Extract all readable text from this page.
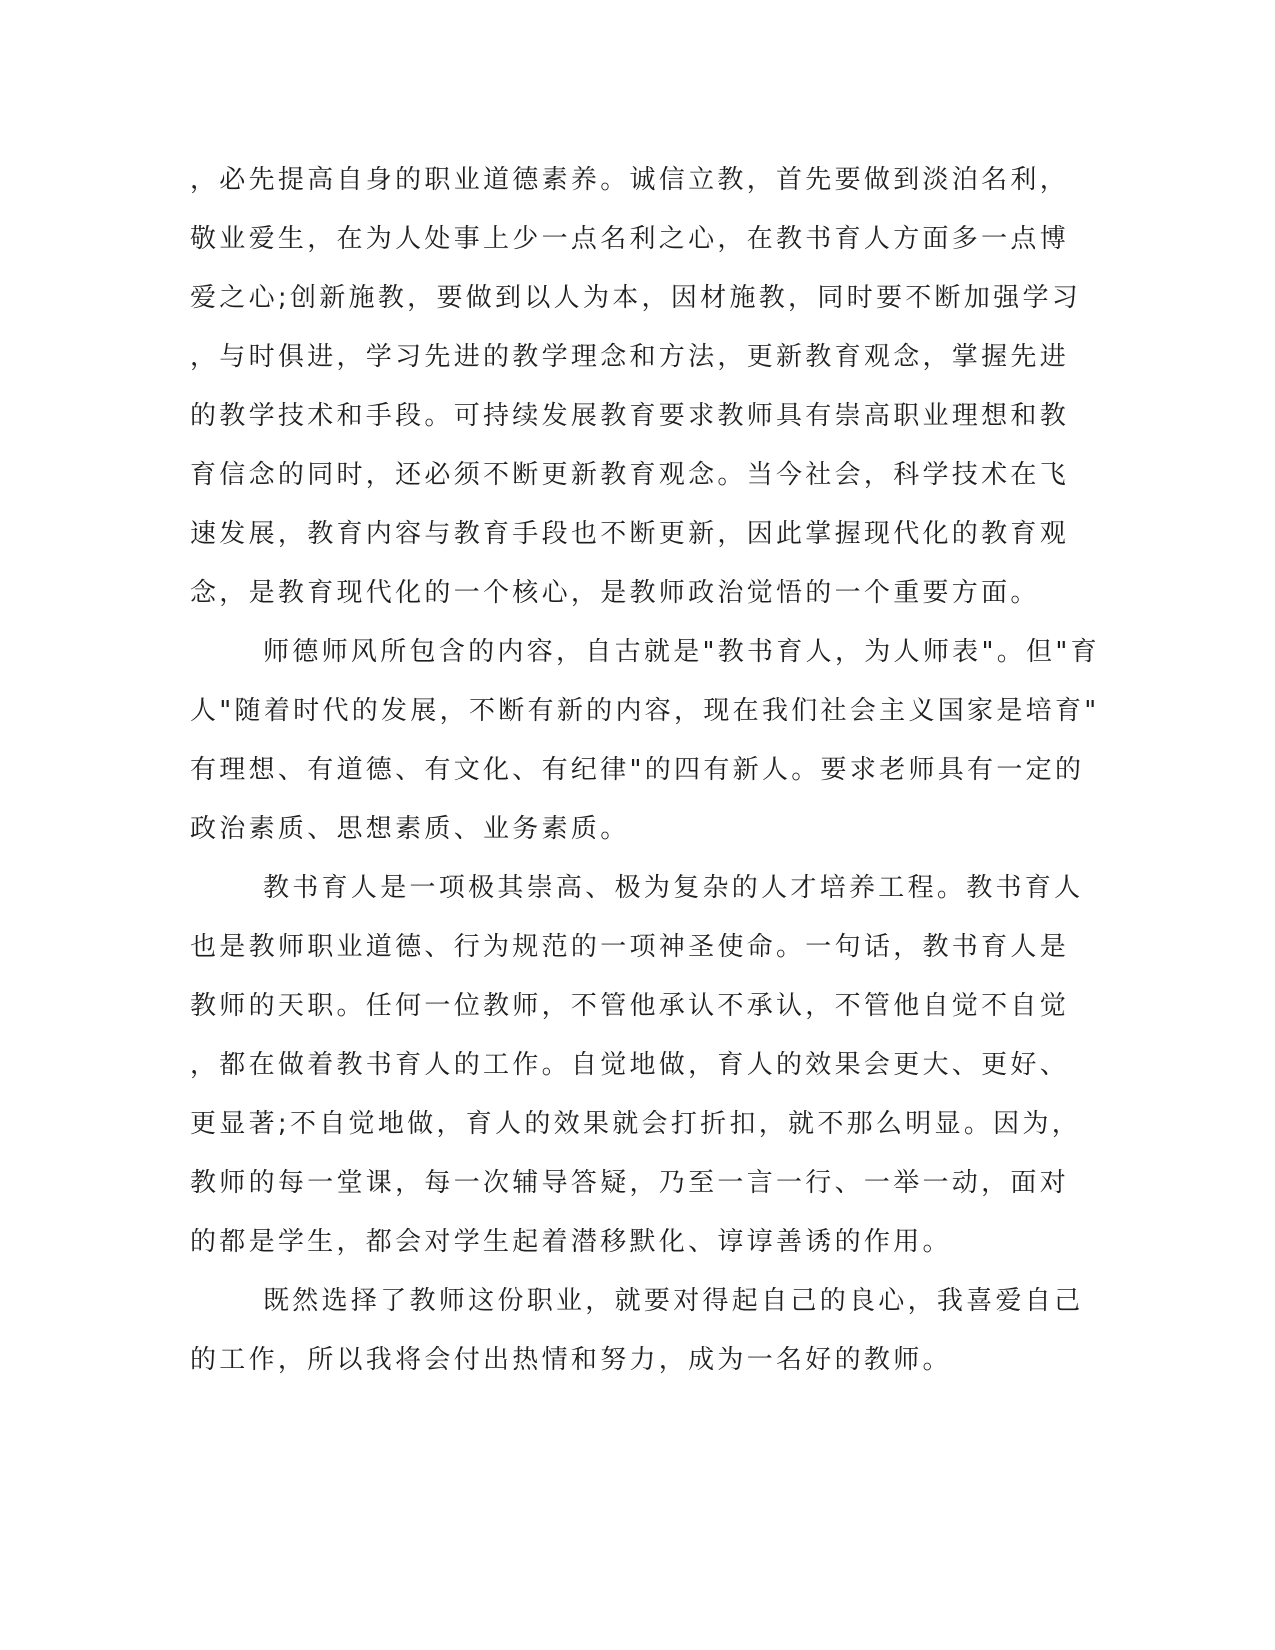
，必先提高自身的职业道德素养。诚信立教，首先要做到淡泊名利，
敬业爱生，在为人处事上少一点名利之心，在教书育人方面多一点博
爱之心;创新施教，要做到以人为本，因材施教，同时要不断加强学习
，与时俱进，学习先进的教学理念和方法，更新教育观念，掌握先进
的教学技术和手段。可持续发展教育要求教师具有崇高职业理想和教
育信念的同时，还必须不断更新教育观念。当今社会，科学技术在飞
速发展，教育内容与教育手段也不断更新，因此掌握现代化的教育观
念，是教育现代化的一个核心，是教师政治觉悟的一个重要方面。
师德师风所包含的内容，自古就是"教书育人，为人师表"。但"育
人"随着时代的发展，不断有新的内容，现在我们社会主义国家是培育"
有理想、有道德、有文化、有纪律"的四有新人。要求老师具有一定的
政治素质、思想素质、业务素质。
教书育人是一项极其崇高、极为复杂的人才培养工程。教书育人
也是教师职业道德、行为规范的一项神圣使命。一句话，教书育人是
教师的天职。任何一位教师，不管他承认不承认，不管他自觉不自觉
，都在做着教书育人的工作。自觉地做，育人的效果会更大、更好、
更显著;不自觉地做，育人的效果就会打折扣，就不那么明显。因为，
教师的每一堂课，每一次辅导答疑，乃至一言一行、一举一动，面对
的都是学生，都会对学生起着潜移默化、谆谆善诱的作用。
既然选择了教师这份职业，就要对得起自己的良心，我喜爱自己
的工作，所以我将会付出热情和努力，成为一名好的教师。
